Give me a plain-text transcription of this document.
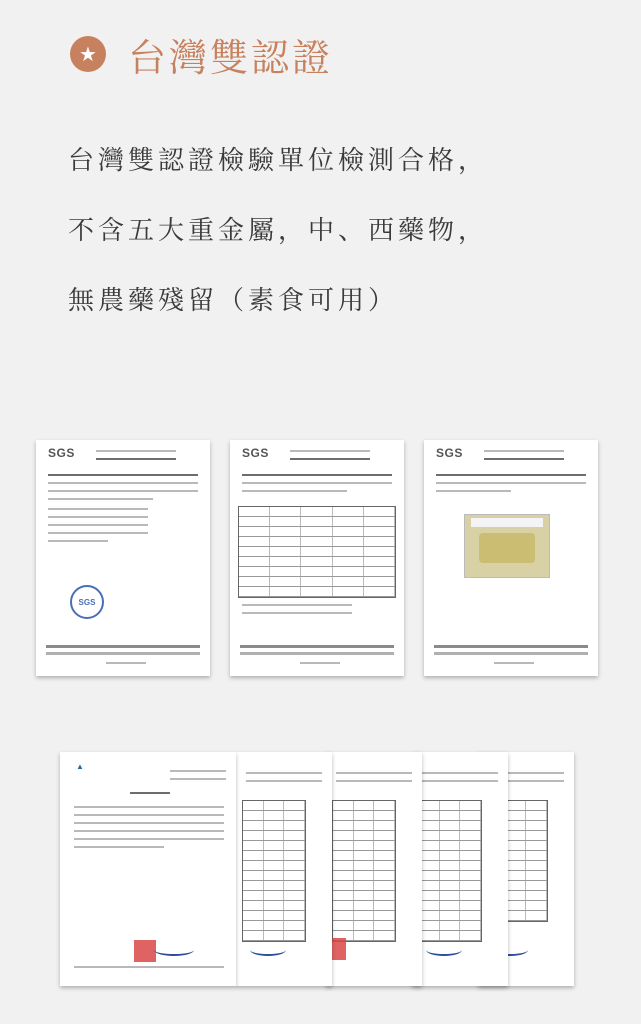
★ 台灣雙認證
台灣雙認證檢驗單位檢測合格，
不含五大重金屬，中、西藥物，
無農藥殘留（素食可用）
SGS
SGS
SGS	SGS
▲
